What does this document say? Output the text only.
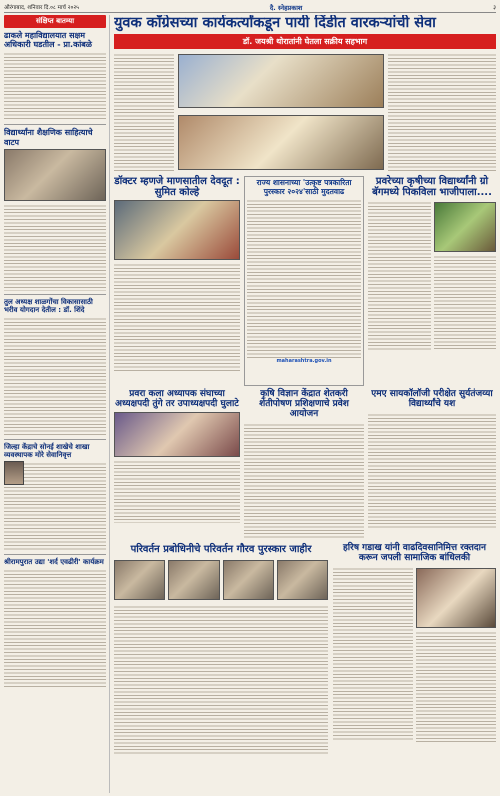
औरंगाबाद, शनिवार दि.०८ मार्च २०२५	दै. स्नेहप्रकाश	३
संक्षिप्त बातम्या
ढाकले महाविद्यालयात सक्षम अधिकारी घडतील - प्रा.कांबळे
विद्यार्थ्यांना शैक्षणिक साहित्याचे वाटप
तुल अध्यक्ष शाळगोंचा विकासासाठी भरीव योगदान देतील : डॉ. शिंदे
जिल्हा केंद्राचे सोनई शाखेचे शाखा व्यवस्थापक मोरे सेवानिवृत्त
श्रीरामपुरात उद्या 'शर्द एवढीरी' कार्यक्रम
युवक कॉंग्रेसच्या कार्यकर्त्यांकडून पायी दिंडीत वारकऱ्यांची सेवा
डॉ. जयश्री थोरातांनी घेतला सक्रीय सहभाग
डॉक्टर म्हणजे माणसातील देवदूत : सुमित कोल्हे
राज्य शासनाच्या 'उत्कृष्ट पत्रकारिता पुरस्कार २०२४'साठी मुदतवाढ
maharashtra.gov.in
प्रवरेच्या कृषीच्या विद्यार्थ्यांनी ग्रो बॅगमध्ये पिकविला भाजीपाला....
प्रवरा कला अध्यापक संघाच्या अध्यक्षपदी तुंगे तर उपाध्यक्षपदी घुलाटे
कृषि विज्ञान केंद्रात शेतकरी शेतीपोषण प्रशिक्षणाचे प्रवेश आयोजन
एमए सायकॉलॉजी परीक्षेत सुर्यतंजय्या विद्यार्थ्यांचे यश
परिवर्तन प्रबोधिनीचे परिवर्तन गौरव पुरस्कार जाहीर	हरिष गडाख यांनी वाढदिवसानिमित्त रक्तदान करून जपली सामाजिक बांधिलकी
